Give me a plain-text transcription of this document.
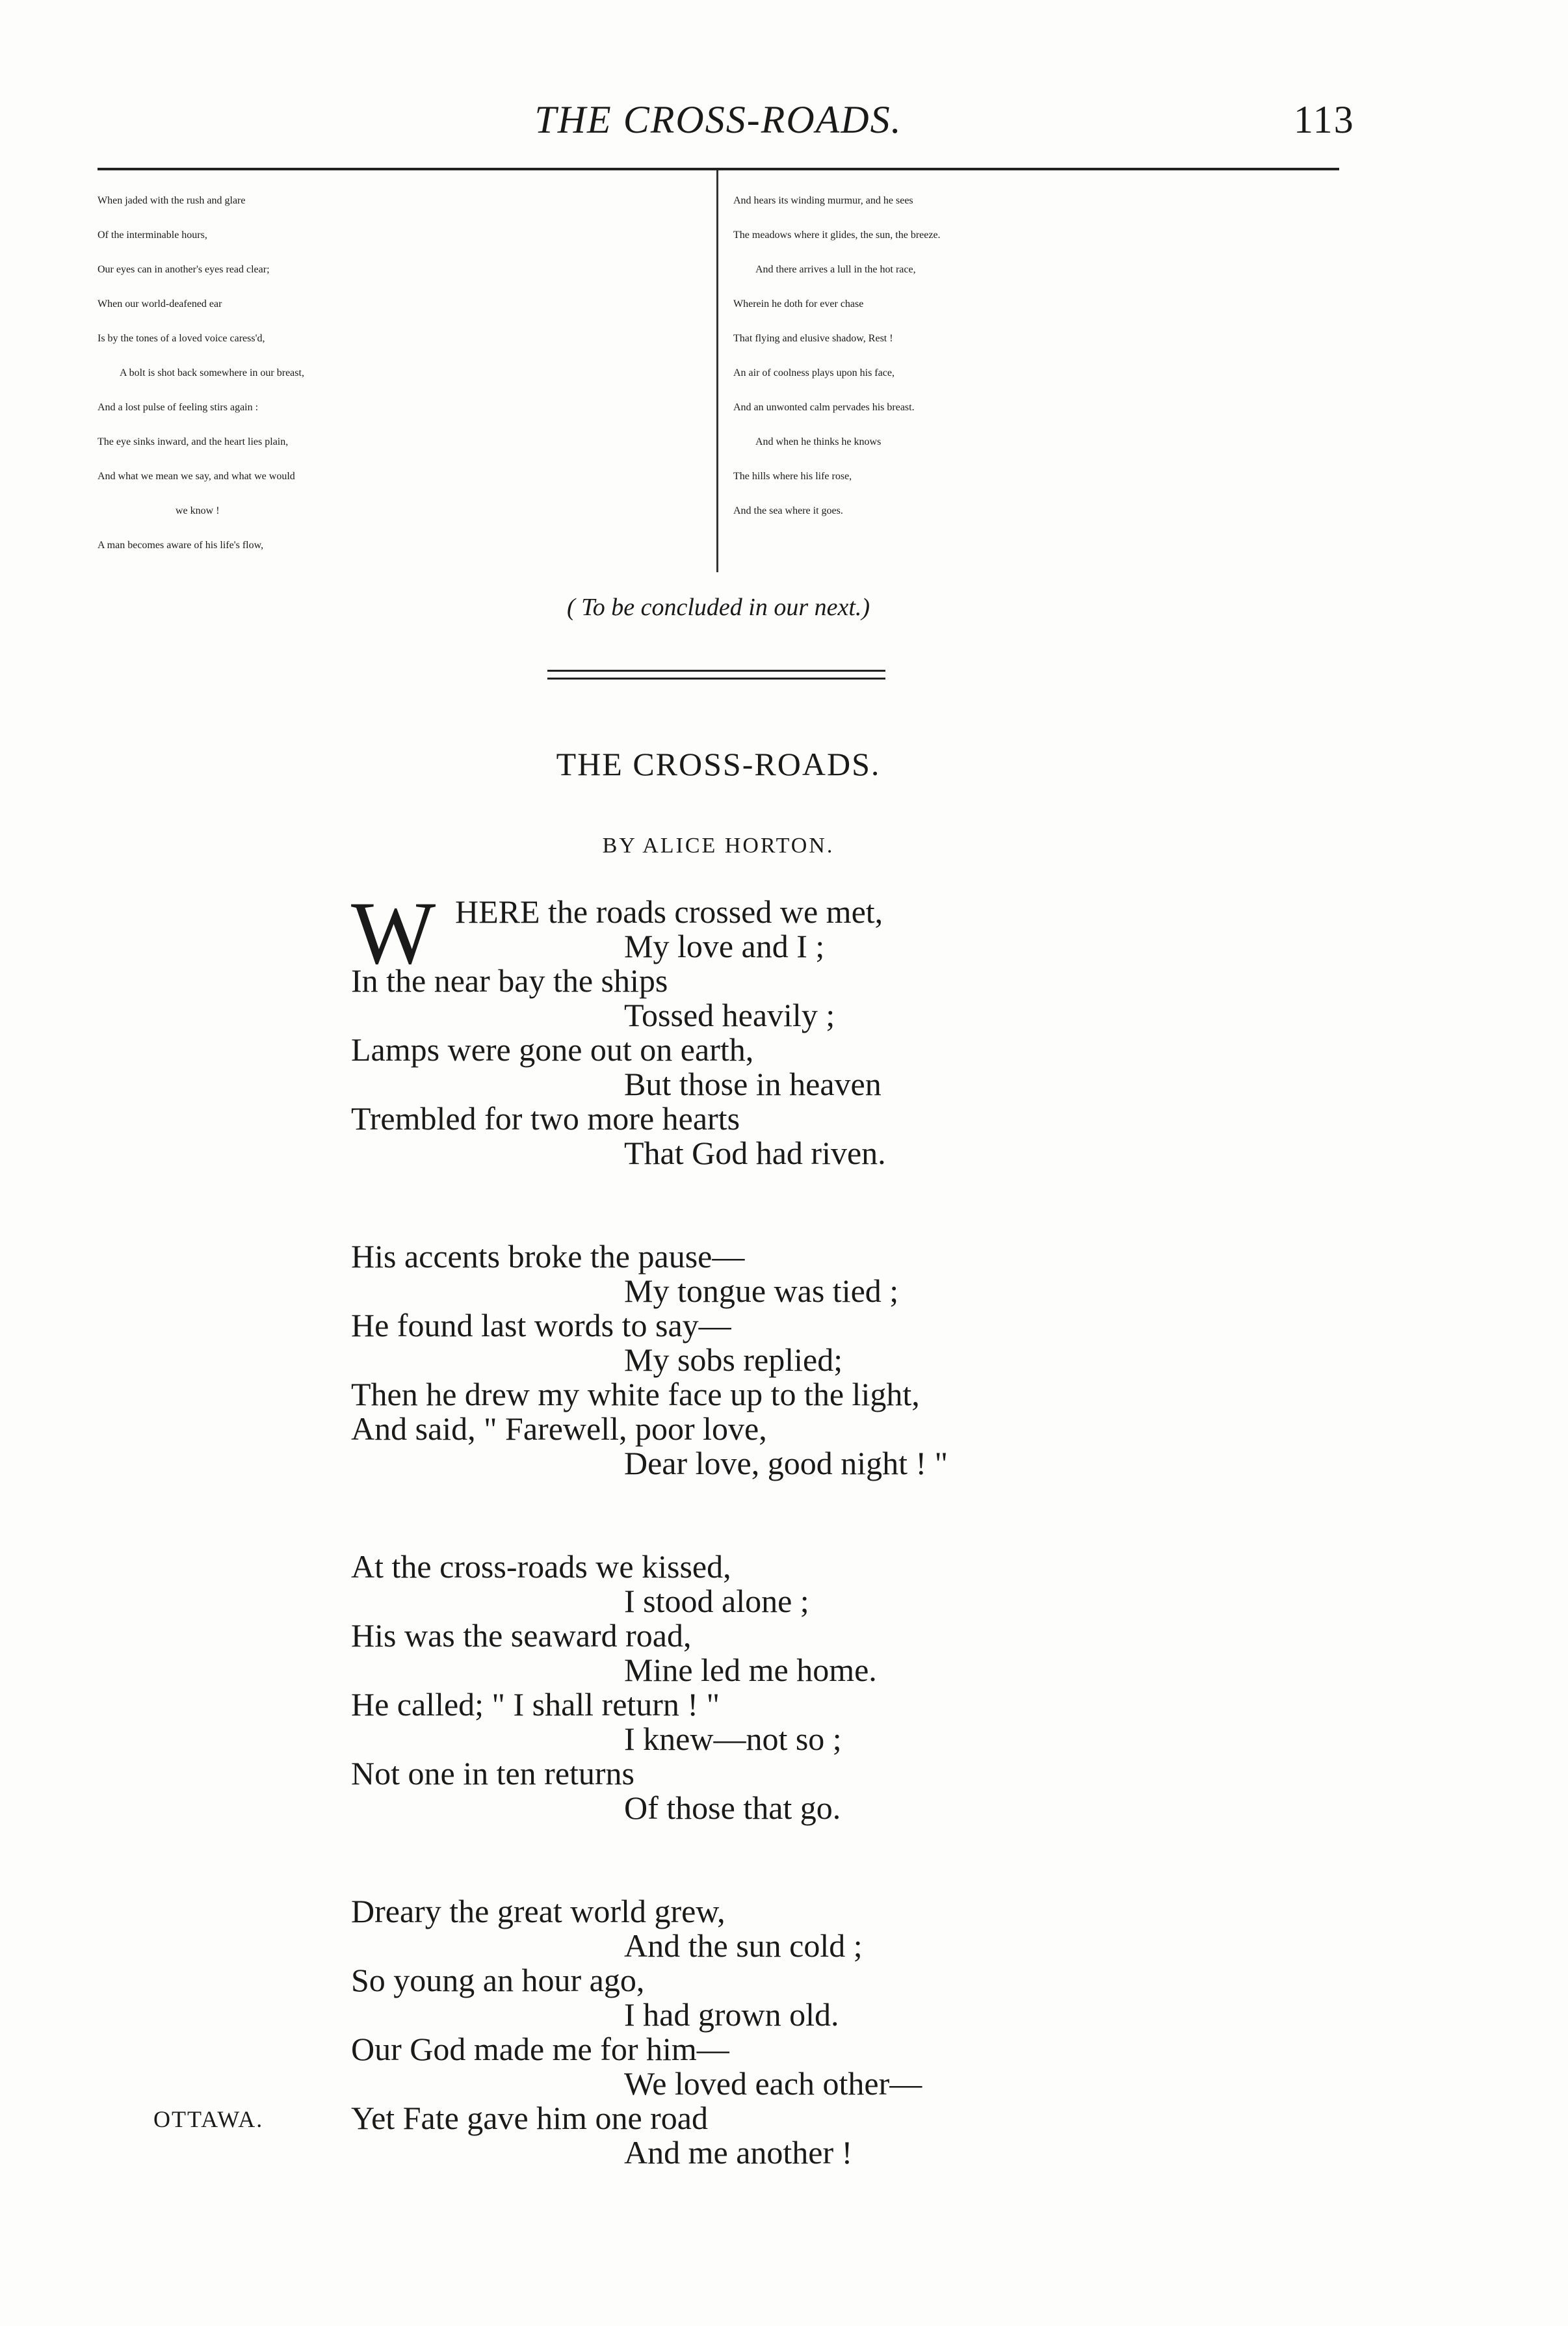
THE CROSS-ROADS.	113
When jaded with the rush and glare
Of the interminable hours,
Our eyes can in another's eyes read clear;
When our world-deafened ear
Is by the tones of a loved voice caress'd,
A bolt is shot back somewhere in our breast,
And a lost pulse of feeling stirs again :
The eye sinks inward, and the heart lies plain,
And what we mean we say, and what we would
we know !
A man becomes aware of his life's flow,
And hears its winding murmur, and he sees
The meadows where it glides, the sun, the breeze.
And there arrives a lull in the hot race,
Wherein he doth for ever chase
That flying and elusive shadow, Rest !
An air of coolness plays upon his face,
And an unwonted calm pervades his breast.
And when he thinks he knows
The hills where his life rose,
And the sea where it goes.
( To be concluded in our next.)
THE CROSS-ROADS.
BY ALICE HORTON.
W HERE the roads crossed we met,
My love and I ;
In the near bay the ships
Tossed heavily ;
Lamps were gone out on earth,
But those in heaven
Trembled for two more hearts
That God had riven.
His accents broke the pause—
My tongue was tied ;
He found last words to say—
My sobs replied;
Then he drew my white face up to the light,
And said, " Farewell, poor love,
Dear love, good night ! "
At the cross-roads we kissed,
I stood alone ;
His was the seaward road,
Mine led me home.
He called; " I shall return ! "
I knew—not so ;
Not one in ten returns
Of those that go.
Dreary the great world grew,
And the sun cold ;
So young an hour ago,
I had grown old.
Our God made me for him—
We loved each other—
Yet Fate gave him one road
And me another !
OTTAWA.
